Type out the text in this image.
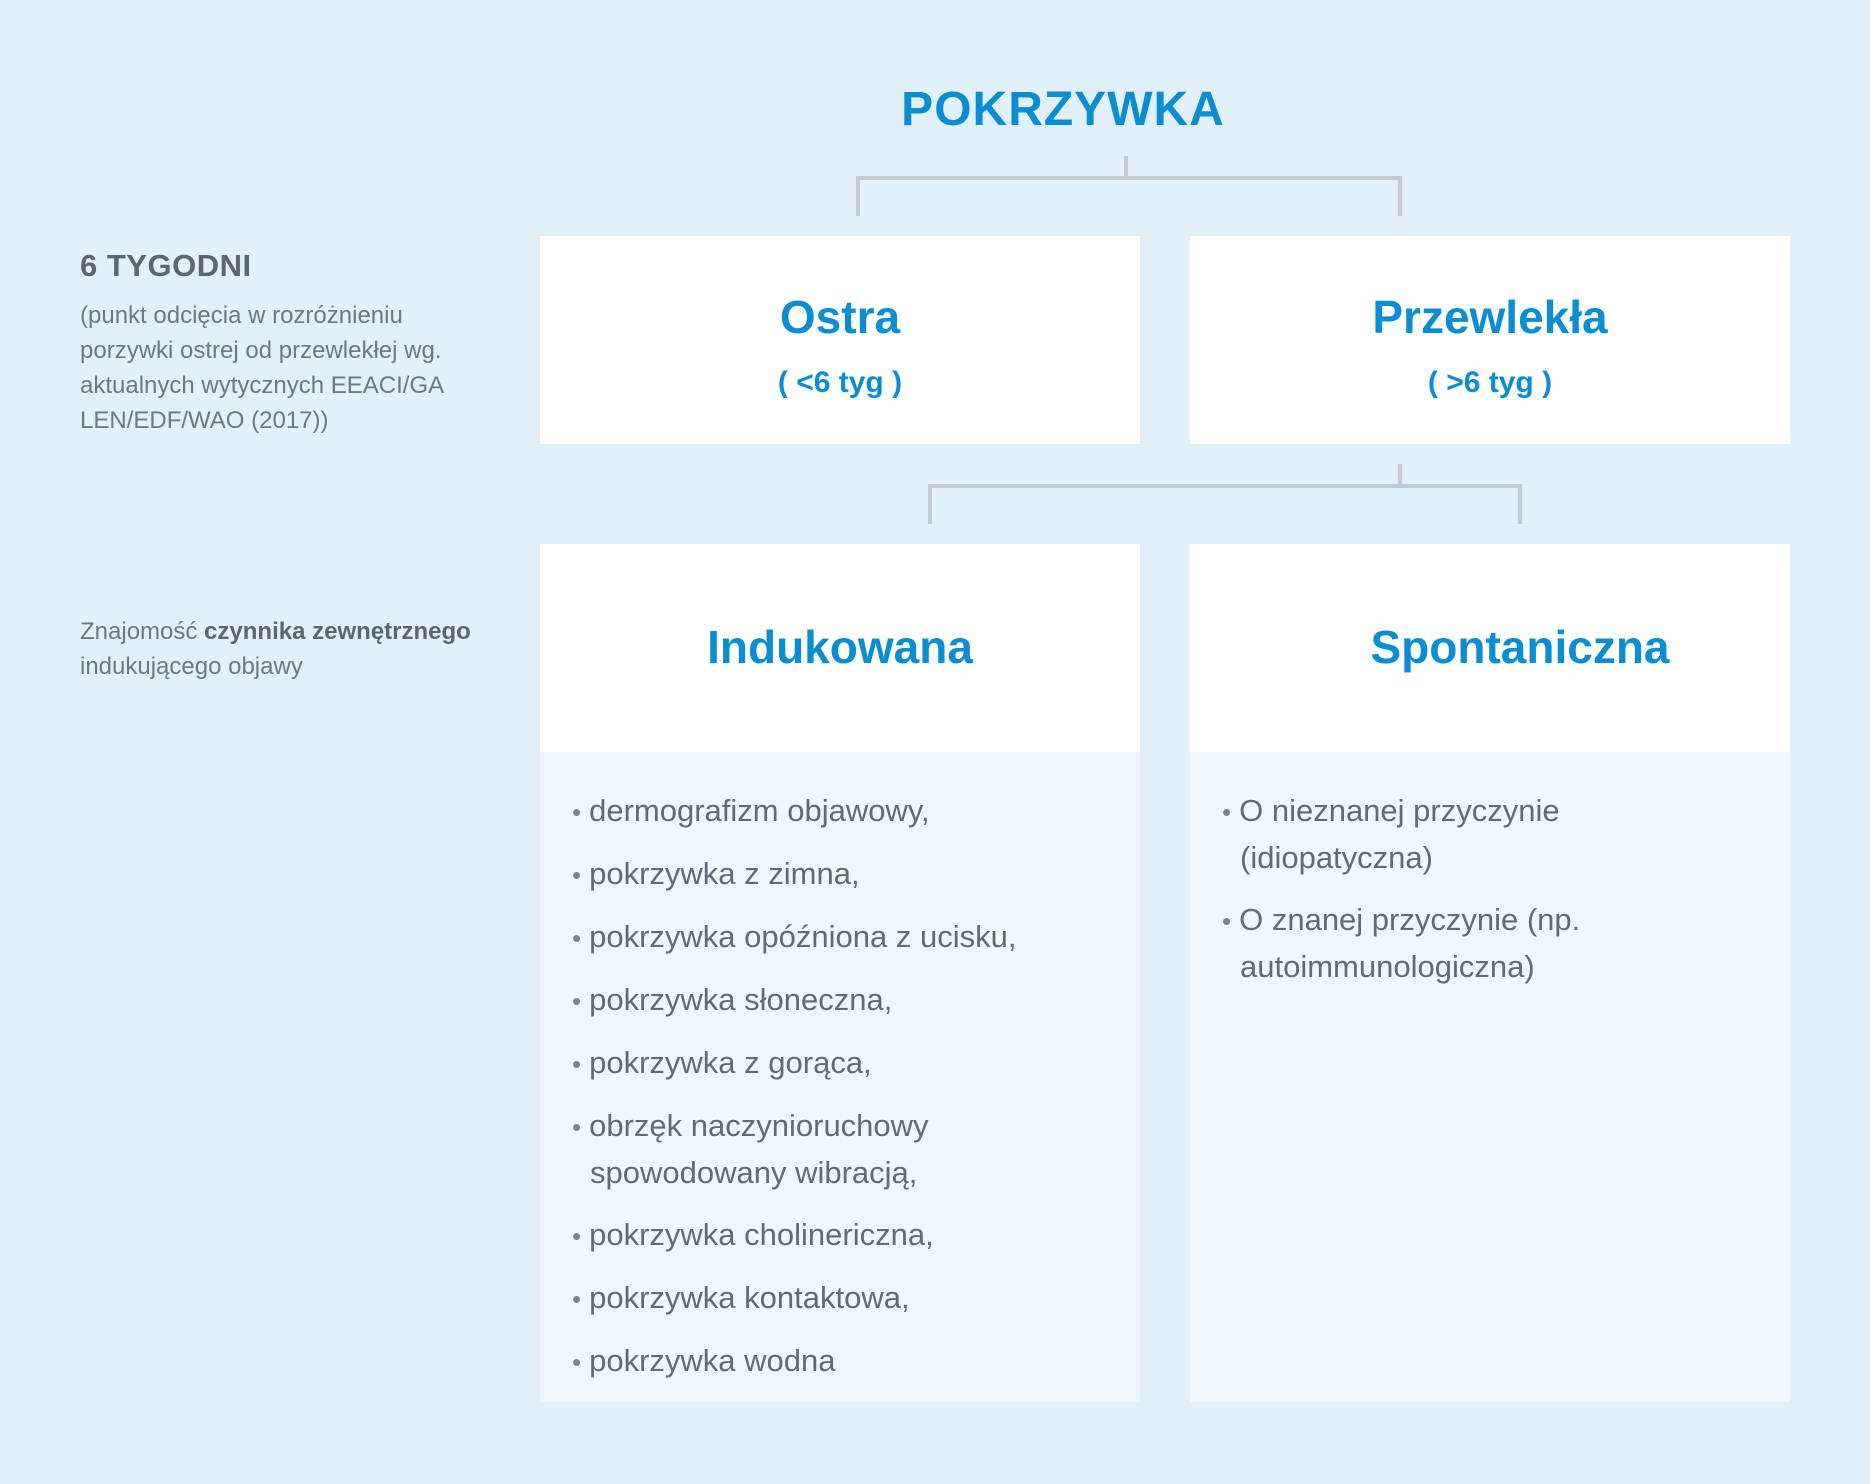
POKRZYWKA
6 TYGODNI
(punkt odcięcia w rozróżnieniu porzywki ostrej od przewlekłej wg. aktualnych wytycznych EEACI/GA LEN/EDF/WAO (2017))
Znajomość czynnika zewnętrznego
indukującego objawy
Ostra
( <6 tyg )
Przewlekła
( >6 tyg )
Indukowana	Spontaniczna
• dermografizm objawowy,
• pokrzywka z zimna,
• pokrzywka opóźniona z ucisku,
• pokrzywka słoneczna,
• pokrzywka z gorąca,
• obrzęk naczynioruchowy spowodowany wibracją,
• pokrzywka cholinericzna,
• pokrzywka kontaktowa,
• pokrzywka wodna
• O nieznanej przyczynie (idiopatyczna)
• O znanej przyczynie (np. autoimmunologiczna)
